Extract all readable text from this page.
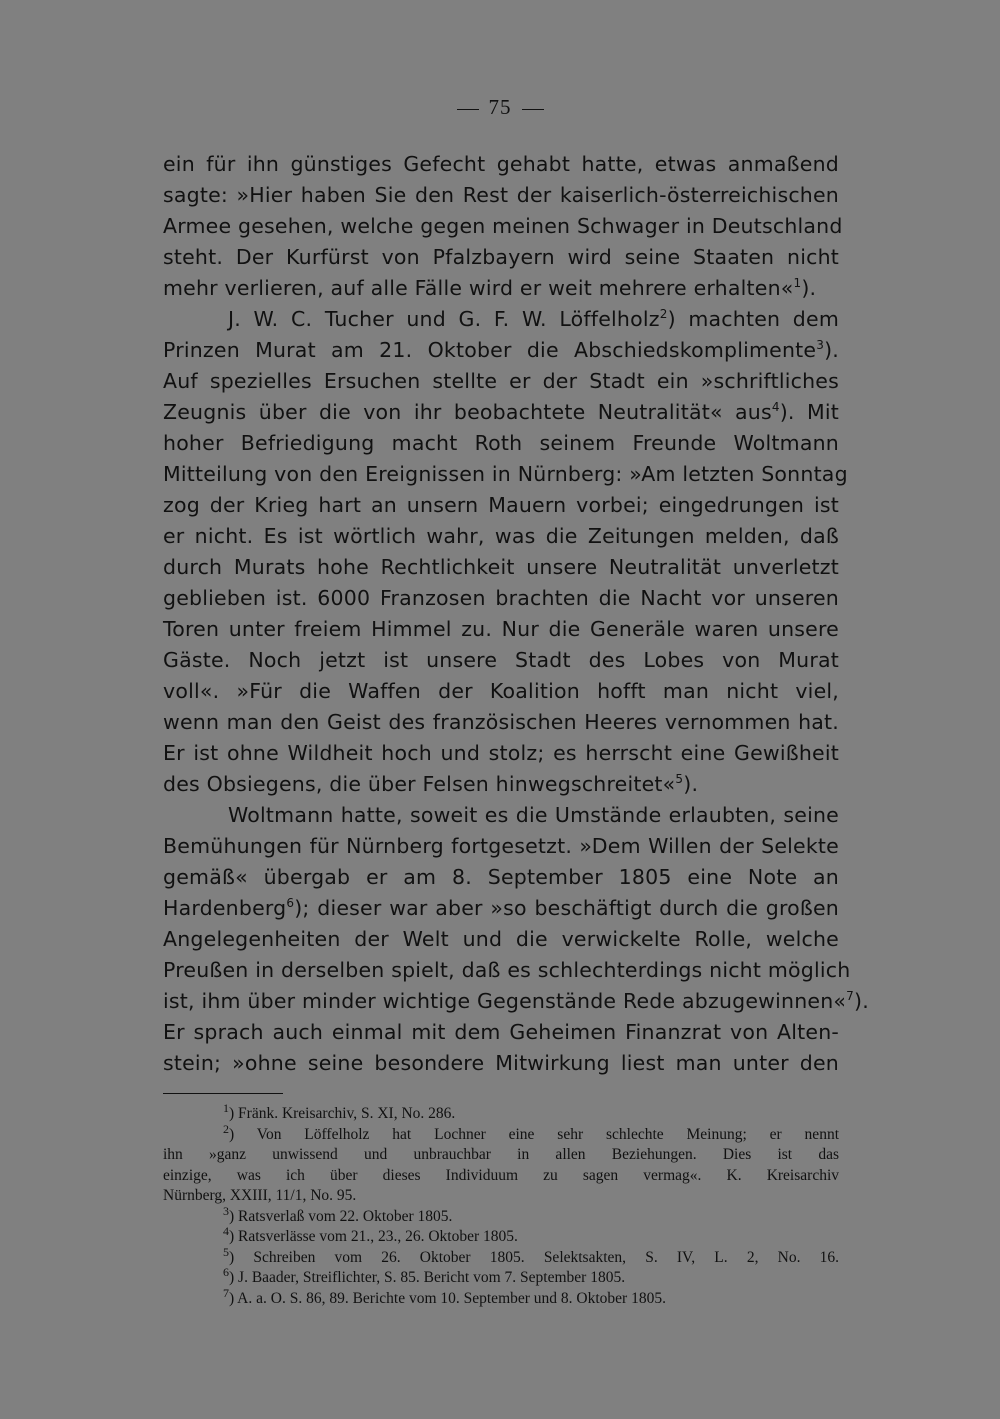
75
ein für ihn günstiges Gefecht gehabt hatte, etwas anmaßend
sagte: »Hier haben Sie den Rest der kaiserlich-österreichischen
Armee gesehen, welche gegen meinen Schwager in Deutschland
steht. Der Kurfürst von Pfalzbayern wird seine Staaten nicht
mehr verlieren, auf alle Fälle wird er weit mehrere erhalten«$^1$).
J. W. C. Tucher und G. F. W. Löffelholz$^2$) machten dem
Prinzen Murat am 21. Oktober die Abschiedskomplimente$^3$).
Auf spezielles Ersuchen stellte er der Stadt ein »schriftliches
Zeugnis über die von ihr beobachtete Neutralität« aus$^4$). Mit
hoher Befriedigung macht Roth seinem Freunde Woltmann
Mitteilung von den Ereignissen in Nürnberg: »Am letzten Sonntag
zog der Krieg hart an unsern Mauern vorbei; eingedrungen ist
er nicht. Es ist wörtlich wahr, was die Zeitungen melden, daß
durch Murats hohe Rechtlichkeit unsere Neutralität unverletzt
geblieben ist. 6000 Franzosen brachten die Nacht vor unseren
Toren unter freiem Himmel zu. Nur die Generäle waren unsere
Gäste. Noch jetzt ist unsere Stadt des Lobes von Murat
voll«. »Für die Waffen der Koalition hofft man nicht viel,
wenn man den Geist des französischen Heeres vernommen hat.
Er ist ohne Wildheit hoch und stolz; es herrscht eine Gewißheit
des Obsiegens, die über Felsen hinwegschreitet«$^5$).
Woltmann hatte, soweit es die Umstände erlaubten, seine
Bemühungen für Nürnberg fortgesetzt. »Dem Willen der Selekte
gemäß« übergab er am 8. September 1805 eine Note an
Hardenberg$^6$); dieser war aber »so beschäftigt durch die großen
Angelegenheiten der Welt und die verwickelte Rolle, welche
Preußen in derselben spielt, daß es schlechterdings nicht möglich
ist, ihm über minder wichtige Gegenstände Rede abzugewinnen«$^7$).
Er sprach auch einmal mit dem Geheimen Finanzrat von Alten-
stein; »ohne seine besondere Mitwirkung liest man unter den
$^1$) Fränk. Kreisarchiv, S. XI, No. 286.
$^2$) Von Löffelholz hat Lochner eine sehr schlechte Meinung; er nennt
ihn »ganz unwissend und unbrauchbar in allen Beziehungen. Dies ist das
einzige, was ich über dieses Individuum zu sagen vermag«. K. Kreisarchiv
Nürnberg, XXIII, 11/1, No. 95.
$^3$) Ratsverlaß vom 22. Oktober 1805.
$^4$) Ratsverlässe vom 21., 23., 26. Oktober 1805.
$^5$) Schreiben vom 26. Oktober 1805. Selektsakten, S. IV, L. 2, No. 16.
$^6$) J. Baader, Streiflichter, S. 85. Bericht vom 7. September 1805.
$^7$) A. a. O. S. 86, 89. Berichte vom 10. September und 8. Oktober 1805.
